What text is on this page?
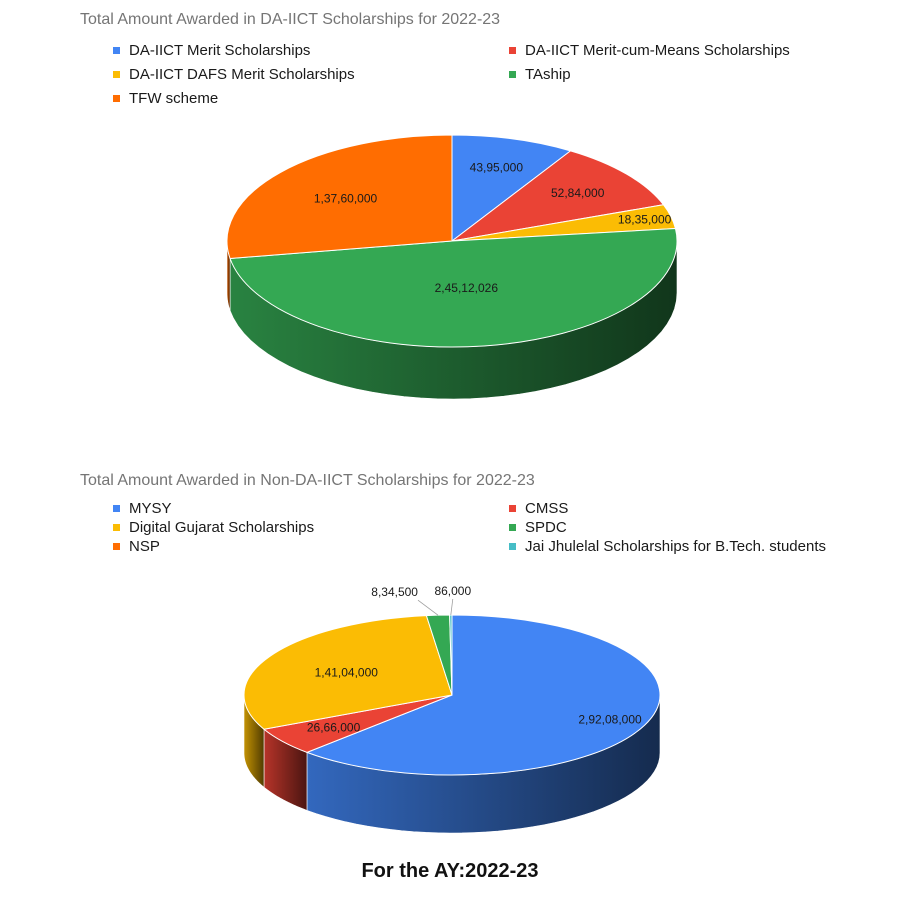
Total Amount Awarded in DA-IICT Scholarships for 2022-23
DA-IICT Merit Scholarships	DA-IICT Merit-cum-Means Scholarships
DA-IICT DAFS Merit Scholarships	TAship
TFW scheme
43,95,000
52,84,000
18,35,000
2,45,12,026
1,37,60,000
Total Amount Awarded in Non-DA-IICT Scholarships for 2022-23
MYSY	CMSS
Digital Gujarat Scholarships	SPDC
NSP	Jai Jhulelal Scholarships for B.Tech. students
2,92,08,000
26,66,000
1,41,04,000
8,34,500 86,000
For the AY:2022-23
